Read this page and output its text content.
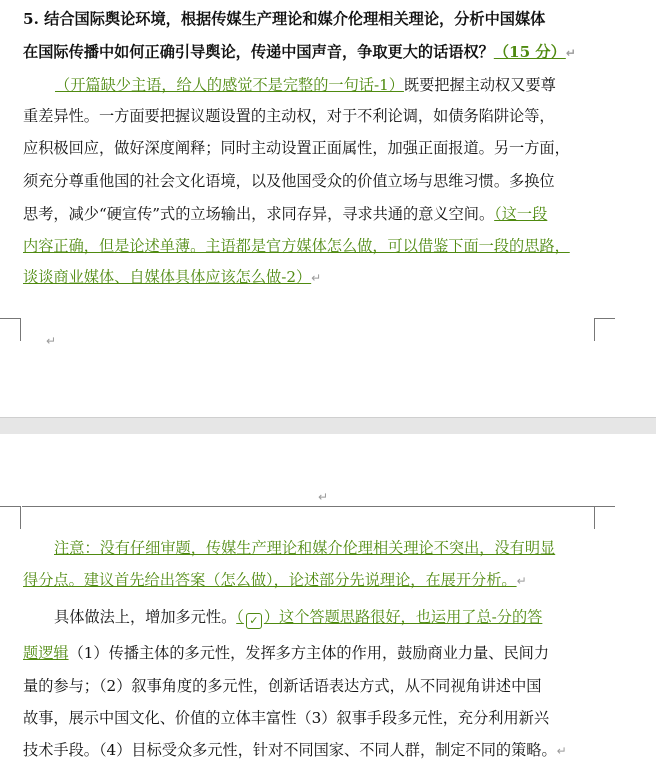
5. 结合国际舆论环境，根据传媒生产理论和媒介伦理相关理论，分析中国媒体
在国际传播中如何正确引导舆论，传递中国声音，争取更大的话语权？（15 分）↵
（开篇缺少主语，给人的感觉不是完整的一句话-1）既要把握主动权又要尊
重差异性。一方面要把握议题设置的主动权，对于不利论调，如债务陷阱论等，
应积极回应，做好深度阐释；同时主动设置正面属性，加强正面报道。另一方面，
须充分尊重他国的社会文化语境，以及他国受众的价值立场与思维习惯。多换位
思考，减少“硬宣传”式的立场输出，求同存异，寻求共通的意义空间。（这一段
内容正确，但是论述单薄。主语都是官方媒体怎么做，可以借鉴下面一段的思路，
谈谈商业媒体、自媒体具体应该怎么做-2）↵
↵
↵
注意：没有仔细审题，传媒生产理论和媒介伦理相关理论不突出，没有明显
得分点。建议首先给出答案（怎么做），论述部分先说理论，在展开分析。↵
具体做法上，增加多元性。（ ✓ ）这个答题思路很好，也运用了总-分的答
题逻辑（1）传播主体的多元性，发挥多方主体的作用，鼓励商业力量、民间力
量的参与；（2）叙事角度的多元性，创新话语表达方式，从不同视角讲述中国
故事，展示中国文化、价值的立体丰富性（3）叙事手段多元性，充分利用新兴
技术手段。（4）目标受众多元性，针对不同国家、不同人群，制定不同的策略。↵
